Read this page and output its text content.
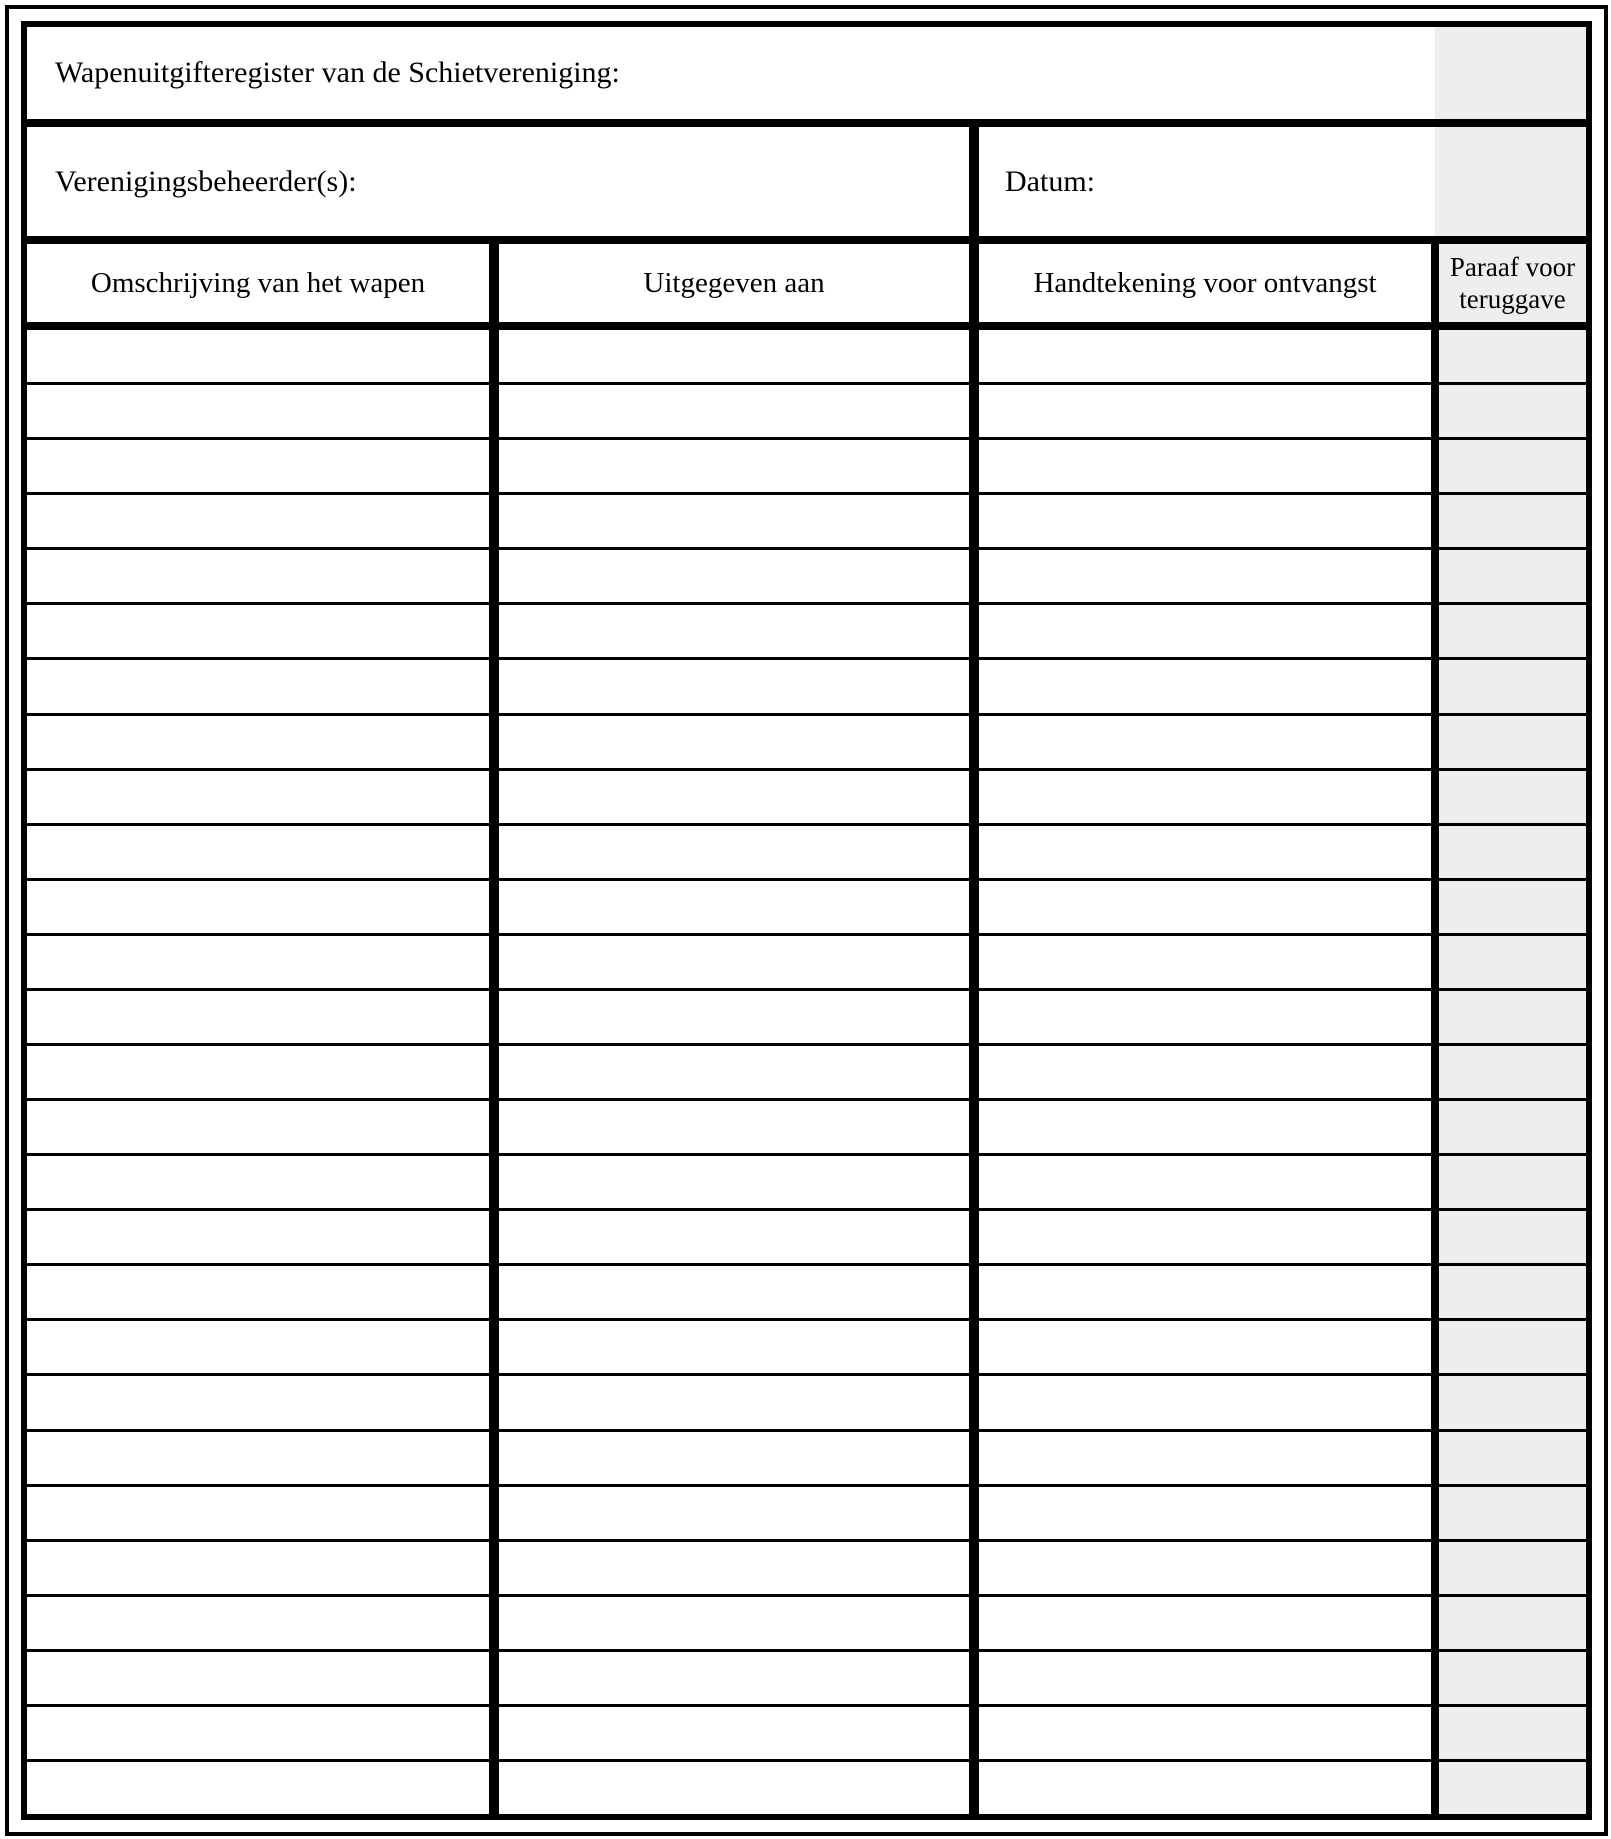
Wapenuitgifteregister van de Schietvereniging:
Verenigingsbeheerder(s):	Datum:
Omschrijving van het wapen	Uitgegeven aan	Handtekening voor ontvangst	Paraaf voor teruggave
